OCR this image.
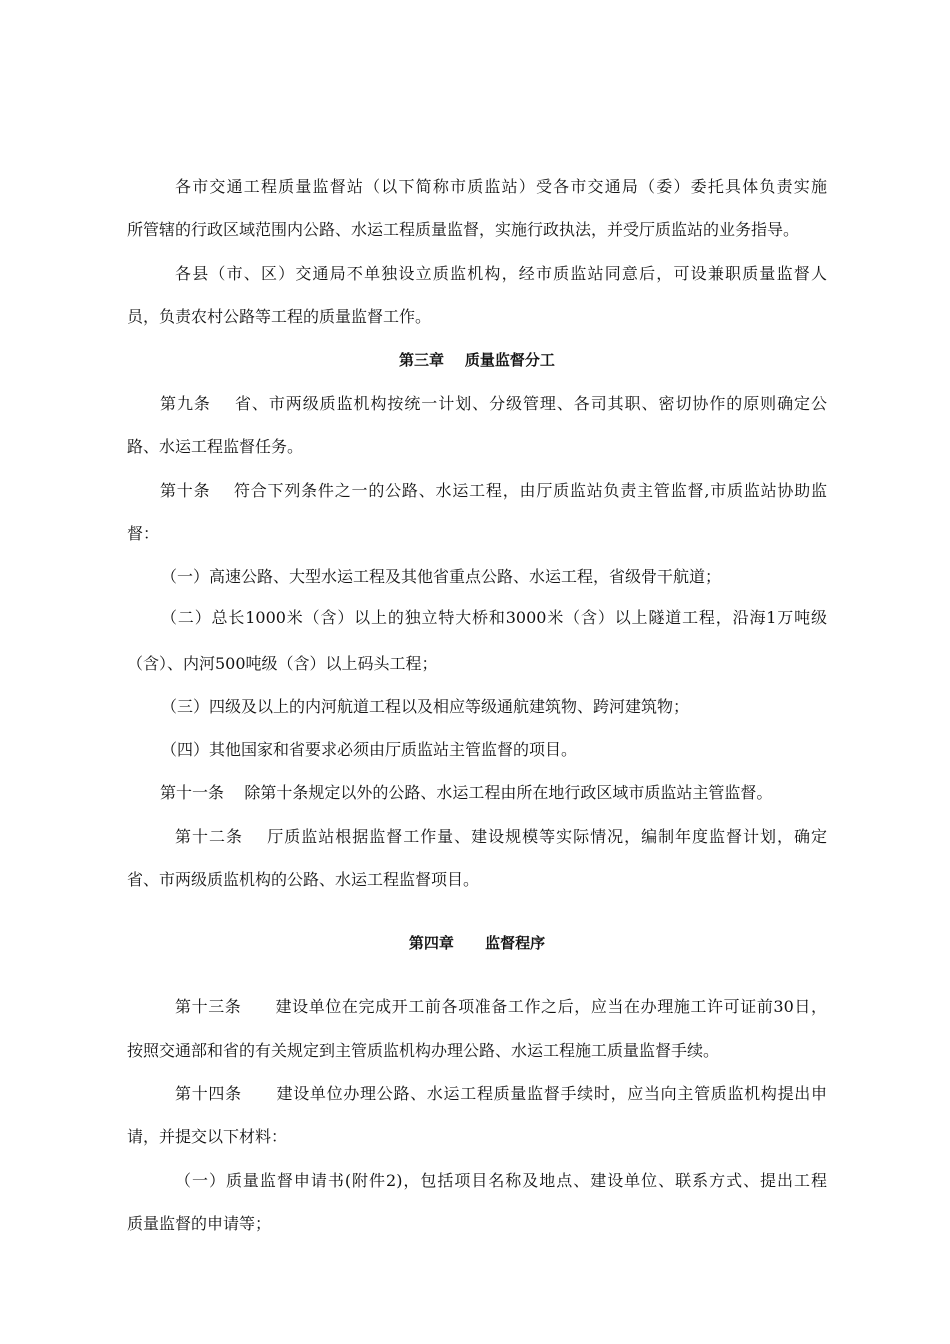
各市交通工程质量监督站（以下简称市质监站）受各市交通局（委）委托具体负责实施
所管辖的行政区域范围内公路、水运工程质量监督，实施行政执法，并受厅质监站的业务指导。
各县（市、区）交通局不单独设立质监机构，经市质监站同意后，可设兼职质量监督人
员，负责农村公路等工程的质量监督工作。
第三章    质量监督分工
第九条    省、市两级质监机构按统一计划、分级管理、各司其职、密切协作的原则确定公
路、水运工程监督任务。
第十条    符合下列条件之一的公路、水运工程，由厅质监站负责主管监督,市质监站协助监
督：
（一）高速公路、大型水运工程及其他省重点公路、水运工程，省级骨干航道；
（二）总长1000米（含）以上的独立特大桥和3000米（含）以上隧道工程，沿海1万吨级
（含）、内河500吨级（含）以上码头工程；
（三）四级及以上的内河航道工程以及相应等级通航建筑物、跨河建筑物；
（四）其他国家和省要求必须由厅质监站主管监督的项目。
第十一条    除第十条规定以外的公路、水运工程由所在地行政区域市质监站主管监督。
第十二条    厅质监站根据监督工作量、建设规模等实际情况，编制年度监督计划，确定
省、市两级质监机构的公路、水运工程监督项目。
第四章      监督程序
第十三条      建设单位在完成开工前各项准备工作之后，应当在办理施工许可证前30日，
按照交通部和省的有关规定到主管质监机构办理公路、水运工程施工质量监督手续。
第十四条      建设单位办理公路、水运工程质量监督手续时，应当向主管质监机构提出申
请，并提交以下材料：
（一）质量监督申请书(附件2)，包括项目名称及地点、建设单位、联系方式、提出工程
质量监督的申请等；
